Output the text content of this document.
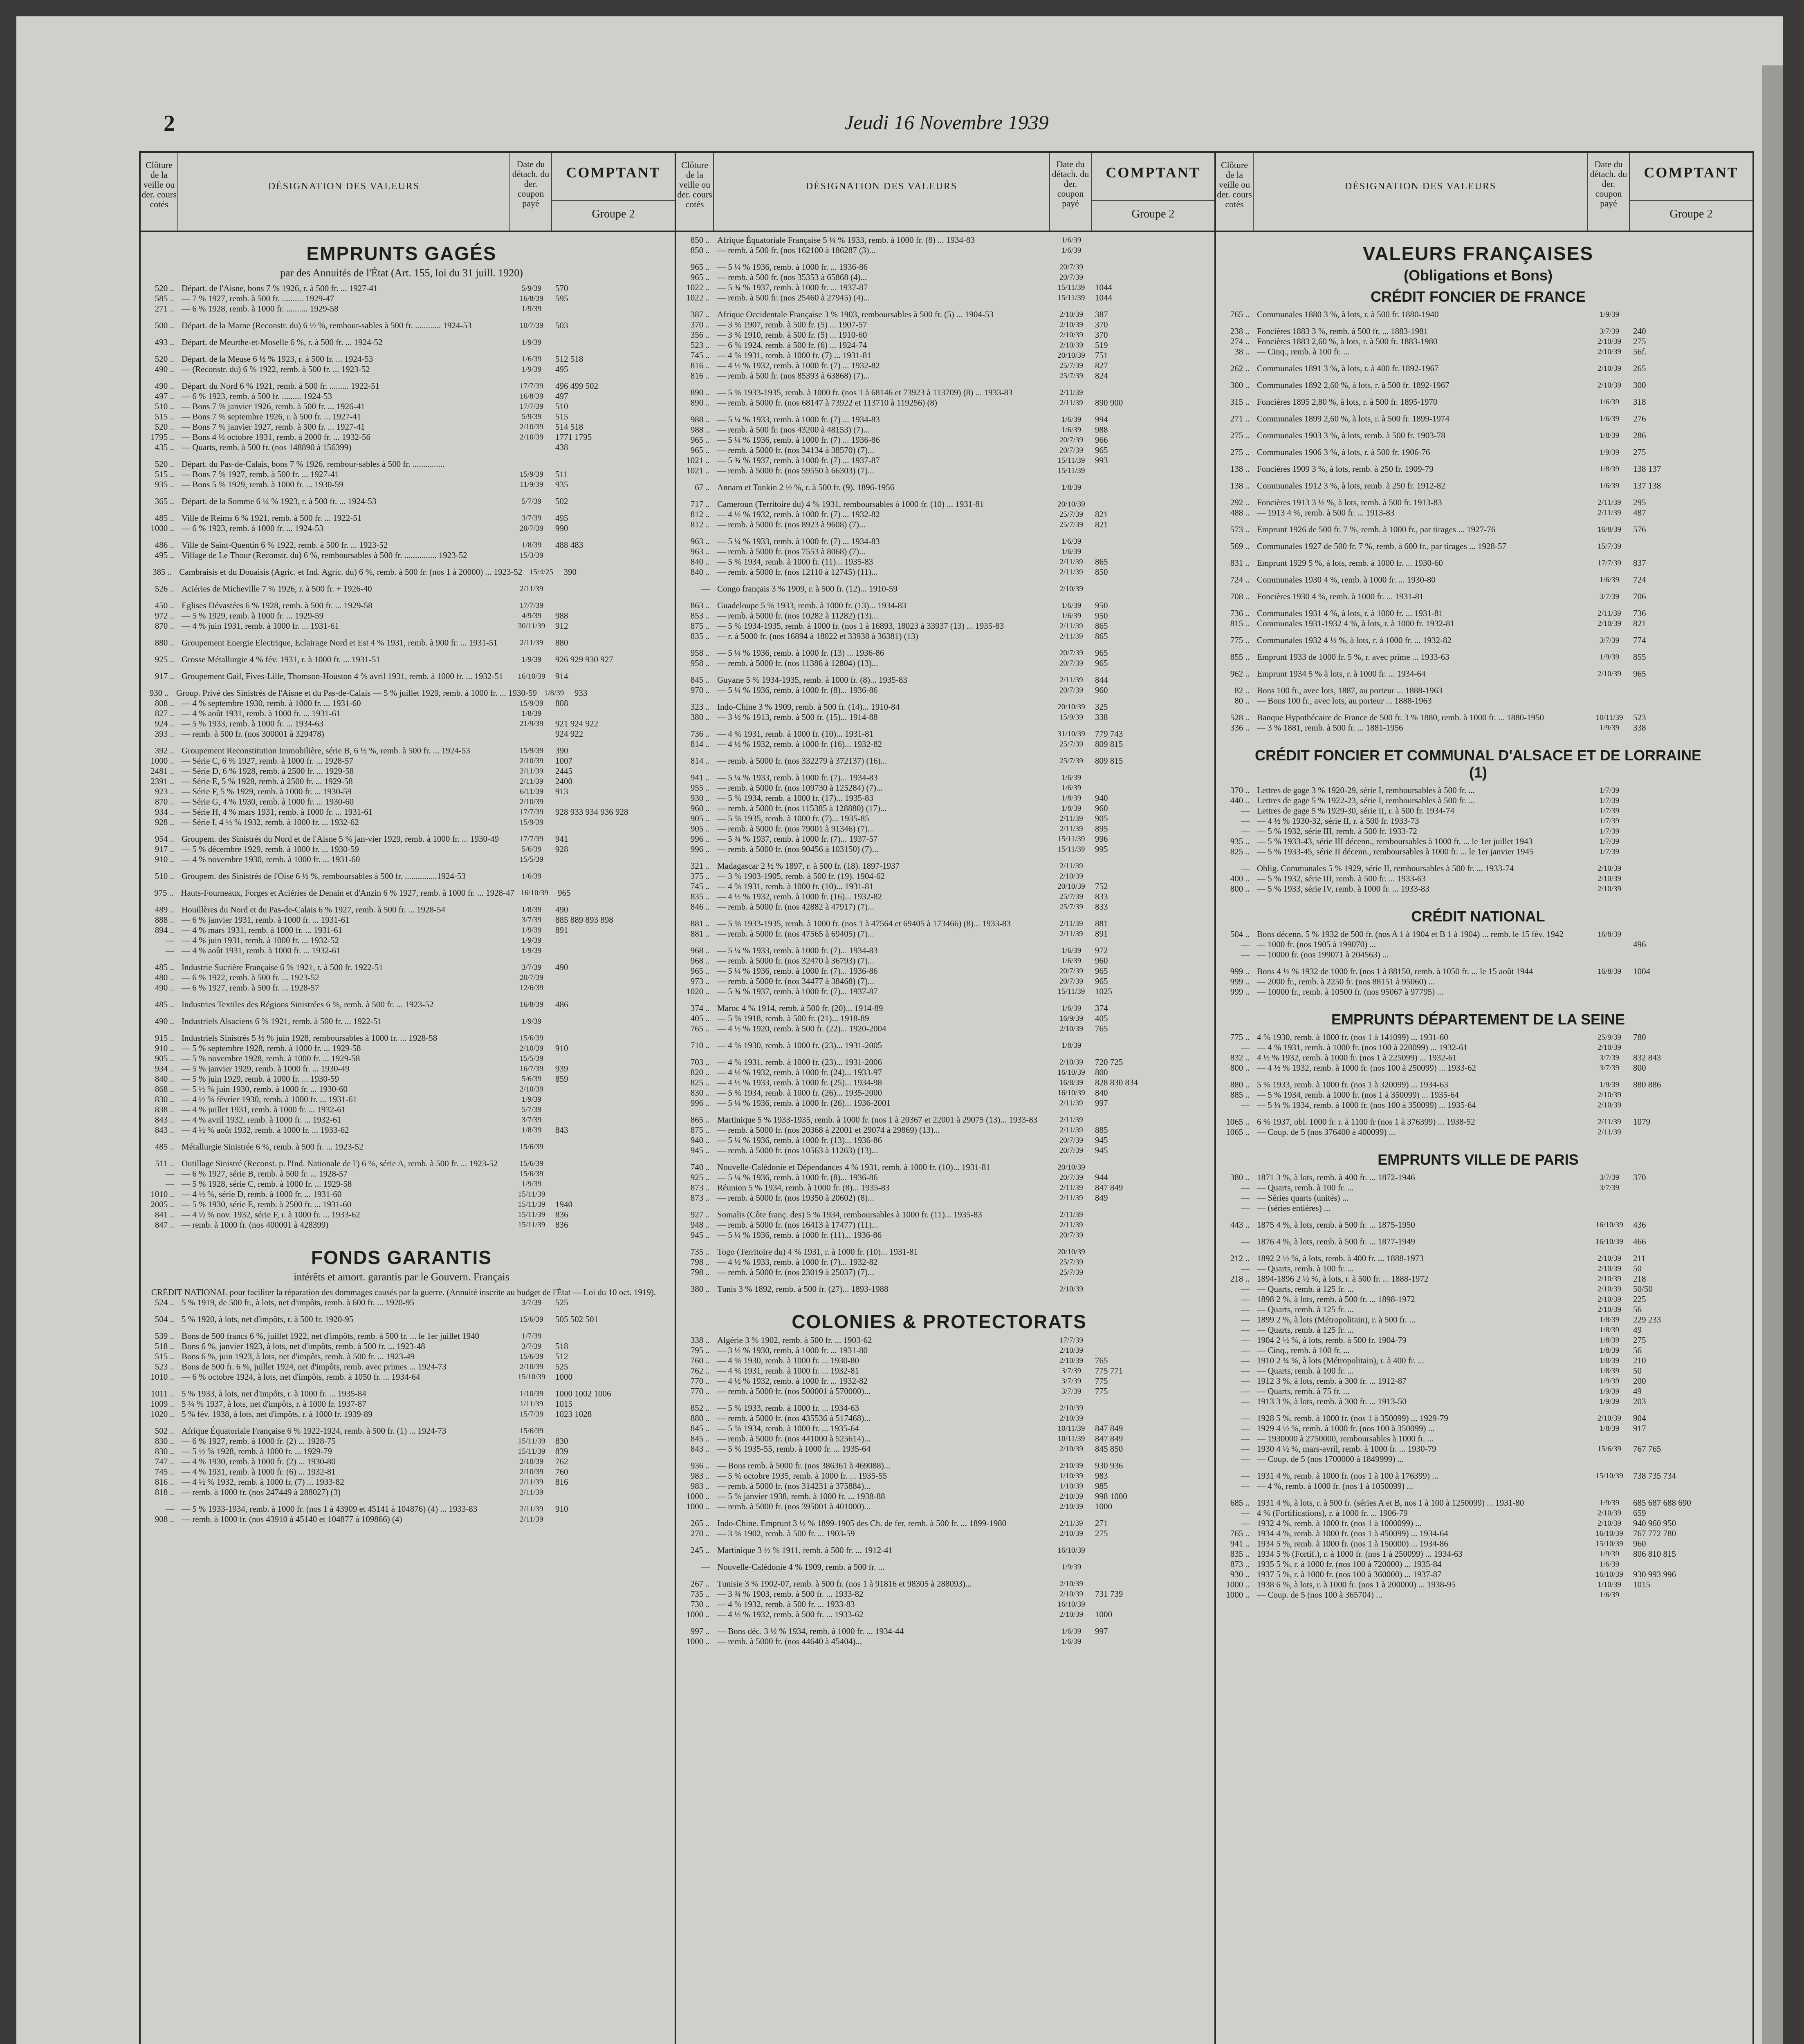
2	Jeudi 16 Novembre 1939
Clôture de la veille ou der. cours cotés
DÉSIGNATION DES VALEURS
Date du détach. du der. coupon payé
COMPTANT
Groupe 2
EMPRUNTS GAGÉS
par des Annuités de l'État (Art. 155, loi du 31 juill. 1920)
520 .. Départ. de l'Aisne, bons 7 % 1926, r. à 500 fr. ... 1927-41	5/9/39	570
585 .. — 7 % 1927, remb. à 500 fr. .......... 1929-47	16/8/39	595
271 .. — 6 % 1928, remb. à 1000 fr. .......... 1929-58	1/9/39
500 .. Départ. de la Marne (Reconstr. du) 6 ½ %, rembour-sables à 500 fr. ............ 1924-53	10/7/39	503
493 .. Départ. de Meurthe-et-Moselle 6 %, r. à 500 fr. ... 1924-52	1/9/39
520 .. Départ. de la Meuse 6 ½ % 1923, r. à 500 fr. ... 1924-53	1/6/39	512 518
490 .. — (Reconstr. du) 6 % 1922, remb. à 500 fr. ... 1923-52	1/9/39	495
490 .. Départ. du Nord 6 % 1921, remb. à 500 fr. ......... 1922-51	17/7/39	496 499 502
497 .. — 6 % 1923, remb. à 500 fr. ......... 1924-53	16/8/39	497
510 .. — Bons 7 % janvier 1926, remb. à 500 fr. ... 1926-41	17/7/39	510
515 .. — Bons 7 % septembre 1926, r. à 500 fr. ... 1927-41	5/9/39	515
520 .. — Bons 7 % janvier 1927, remb. à 500 fr. ... 1927-41	2/10/39	514 518
1795 .. — Bons 4 ½ octobre 1931, remb. à 2000 fr. ... 1932-56	2/10/39	1771 1795
435 .. — Quarts, remb. à 500 fr. (nos 148890 à 156399)	438
520 .. Départ. du Pas-de-Calais, bons 7 % 1926, rembour-sables à 500 fr. ...............
515 .. — Bons 7 % 1927, remb. à 500 fr. ... 1927-41	15/9/39	511
935 .. — Bons 5 % 1929, remb. à 1000 fr. ... 1930-59	11/9/39	935
365 .. Départ. de la Somme 6 ¼ % 1923, r. à 500 fr. ... 1924-53	5/7/39	502
485 .. Ville de Reims 6 % 1921, remb. à 500 fr. ... 1922-51	3/7/39	495
1000 .. — 6 % 1923, remb. à 1000 fr. ... 1924-53	20/7/39	990
486 .. Ville de Saint-Quentin 6 % 1922, remb. à 500 fr. ... 1923-52	1/8/39	488 483
495 .. Village de Le Thour (Reconstr. du) 6 %, remboursables à 500 fr. ............... 1923-52	15/3/39
385 .. Cambraisis et du Douaisis (Agric. et Ind. Agric. du) 6 %, remb. à 500 fr. (nos 1 à 20000) ... 1923-52 15/4/25	390
526 .. Aciéries de Micheville 7 % 1926, r. à 500 fr. + 1926-40	2/11/39
450 .. Eglises Dévastées 6 % 1928, remb. à 500 fr. ... 1929-58	17/7/39
972 .. — 5 % 1929, remb. à 1000 fr. ... 1929-59	4/9/39	988
870 .. — 4 % juin 1931, remb. à 1000 fr. ... 1931-61	30/11/39	912
880 .. Groupement Energie Electrique, Eclairage Nord et Est 4 % 1931, remb. à 900 fr. ... 1931-51	2/11/39	880
925 .. Grosse Métallurgie 4 % fév. 1931, r. à 1000 fr. ... 1931-51	1/9/39	926 929 930 927
917 .. Groupement Gail, Fives-Lille, Thomson-Houston 4 % avril 1931, remb. à 1000 fr. ... 1932-51	16/10/39	914
930 .. Group. Privé des Sinistrés de l'Aisne et du Pas-de-Calais — 5 % juillet 1929, remb. à 1000 fr. ... 1930-59 1/8/39	933
808 .. — 4 % septembre 1930, remb. à 1000 fr. ... 1931-60	15/9/39	808
827 .. — 4 % août 1931, remb. à 1000 fr. ... 1931-61	1/8/39
924 .. — 5 % 1933, remb. à 1000 fr. ... 1934-63	21/9/39	921 924 922
393 .. — remb. à 500 fr. (nos 300001 à 329478)	924 922
392 .. Groupement Reconstitution Immobilière, série B, 6 ½ %, remb. à 500 fr. ... 1924-53	15/9/39	390
1000 .. — Série C, 6 % 1927, remb. à 1000 fr. ... 1928-57	2/10/39	1007
2481 .. — Série D, 6 % 1928, remb. à 2500 fr. ... 1929-58	2/11/39	2445
2391 .. — Série E, 5 % 1928, remb. à 2500 fr. ... 1929-58	2/11/39	2400
923 .. — Série F, 5 % 1929, remb. à 1000 fr. ... 1930-59	6/11/39	913
870 .. — Série G, 4 % 1930, remb. à 1000 fr. ... 1930-60	2/10/39
934 .. — Série H, 4 % mars 1931, remb. à 1000 fr. ... 1931-61	17/7/39	928 933 934 936 928
928 .. — Série I, 4 ½ % 1932, remb. à 1000 fr. ... 1932-62	15/9/39
954 .. Groupem. des Sinistrés du Nord et de l'Aisne 5 % jan-vier 1929, remb. à 1000 fr. ... 1930-49	17/7/39	941
917 .. — 5 % décembre 1929, remb. à 1000 fr. ... 1930-59	5/6/39	928
910 .. — 4 % novembre 1930, remb. à 1000 fr. ... 1931-60	15/5/39
510 .. Groupem. des Sinistrés de l'Oise 6 ½ %, remboursables à 500 fr. ...............1924-53	1/6/39
975 .. Hauts-Fourneaux, Forges et Aciéries de Denain et d'Anzin 6 % 1927, remb. à 1000 fr. ... 1928-47 16/10/39	965
489 .. Houillères du Nord et du Pas-de-Calais 6 % 1927, remb. à 500 fr. ... 1928-54	1/8/39	490
888 .. — 6 % janvier 1931, remb. à 1000 fr. ... 1931-61	3/7/39	885 889 893 898
894 .. — 4 % mars 1931, remb. à 1000 fr. ... 1931-61	1/9/39	891
— — 4 % juin 1931, remb. à 1000 fr. ... 1932-52	1/9/39
— — 4 % août 1931, remb. à 1000 fr. ... 1932-61	1/9/39
485 .. Industrie Sucrière Française 6 % 1921, r. à 500 fr. 1922-51	3/7/39	490
480 .. — 6 % 1922, remb. à 500 fr. ... 1923-52	20/7/39
490 .. — 6 % 1927, remb. à 500 fr. ... 1928-57	12/6/39
485 .. Industries Textiles des Régions Sinistrées 6 %, remb. à 500 fr. ... 1923-52	16/8/39	486
490 .. Industriels Alsaciens 6 % 1921, remb. à 500 fr. ... 1922-51	1/9/39
915 .. Industriels Sinistrés 5 ½ % juin 1928, remboursables à 1000 fr. ... 1928-58	15/6/39
910 .. — 5 % septembre 1928, remb. à 1000 fr. ... 1929-58	2/10/39	910
905 .. — 5 % novembre 1928, remb. à 1000 fr. ... 1929-58	15/5/39
934 .. — 5 % janvier 1929, remb. à 1000 fr. ... 1930-49	16/7/39	939
840 .. — 5 % juin 1929, remb. à 1000 fr. ... 1930-59	5/6/39	859
868 .. — 5 ½ % juin 1930, remb. à 1000 fr. ... 1930-60	2/10/39
830 .. — 4 ½ % février 1930, remb. à 1000 fr. ... 1931-61	1/9/39
838 .. — 4 % juillet 1931, remb. à 1000 fr. ... 1932-61	5/7/39
843 .. — 4 % avril 1932, remb. à 1000 fr. ... 1932-61	3/7/39
843 .. — 4 ½ % août 1932, remb. à 1000 fr. ... 1933-62	1/8/39	843
485 .. Métallurgie Sinistrée 6 %, remb. à 500 fr. ... 1923-52	15/6/39
511 .. Outillage Sinistré (Reconst. p. l'Ind. Nationale de l') 6 %, série A, remb. à 500 fr. ... 1923-52	15/6/39
— — 6 % 1927, série B, remb. à 500 fr. ... 1928-57	15/6/39
— — 5 % 1928, série C, remb. à 1000 fr. ... 1929-58	1/9/39
1010 .. — 4 ½ %, série D, remb. à 1000 fr. ... 1931-60	15/11/39
2005 .. — 5 % 1930, série E, remb. à 2500 fr. ... 1931-60	15/11/39	1940
841 .. — 4 ½ % nov. 1932, série F, r. à 1000 fr. ... 1933-62	15/11/39	836
847 .. — remb. à 1000 fr. (nos 400001 à 428399)	15/11/39	836
FONDS GARANTIS
intérêts et amort. garantis par le Gouvern. Français
CRÉDIT NATIONAL pour faciliter la réparation des dommages causés par la guerre. (Annuité inscrite au budget de l'État — Loi du 10 oct. 1919).
524 .. 5 % 1919, de 500 fr., à lots, net d'impôts, remb. à 600 fr. ... 1920-95	3/7/39	525
504 .. 5 % 1920, à lots, net d'impôts, r. à 500 fr. 1920-95	15/6/39	505 502 501
539 .. Bons de 500 francs 6 %, juillet 1922, net d'impôts, remb. à 500 fr. ... le 1er juillet 1940	1/7/39
518 .. Bons 6 %, janvier 1923, à lots, net d'impôts, remb. à 500 fr. ... 1923-48	3/7/39	518
515 .. Bons 6 %, juin 1923, à lots, net d'impôts, remb. à 500 fr. ... 1923-49	15/6/39	512
523 .. Bons de 500 fr. 6 %, juillet 1924, net d'impôts, remb. avec primes ... 1924-73	2/10/39	525
1010 .. — 6 % octobre 1924, à lots, net d'impôts, remb. à 1050 fr. ... 1934-64	15/10/39	1000
1011 .. 5 % 1933, à lots, net d'impôts, r. à 1000 fr. ... 1935-84	1/10/39	1000 1002 1006
1009 .. 5 ¼ % 1937, à lots, net d'impôts, r. à 1000 fr. 1937-87	1/11/39	1015
1020 .. 5 % fév. 1938, à lots, net d'impôts, r. à 1000 fr. 1939-89	15/7/39	1023 1028
502 .. Afrique Équatoriale Française 6 % 1922-1924, remb. à 500 fr. (1) ... 1924-73	15/6/39
830 .. — 6 % 1927, remb. à 1000 fr. (2) ... 1928-75	15/11/39	830
830 .. — 5 ½ % 1928, remb. à 1000 fr. ... 1929-79	15/11/39	839
747 .. — 4 % 1930, remb. à 1000 fr. (2) ... 1930-80	2/10/39	762
745 .. — 4 % 1931, remb. à 1000 fr. (6) ... 1932-81	2/10/39	760
816 .. — 4 ½ % 1932, remb. à 1000 fr. (7) ... 1933-82	2/11/39	816
818 .. — remb. à 1000 fr. (nos 247449 à 288027) (3)	2/11/39
— — 5 % 1933-1934, remb. à 1000 fr. (nos 1 à 43909 et 45141 à 104876) (4) ... 1933-83	2/11/39	910
908 .. — remb. à 1000 fr. (nos 43910 à 45140 et 104877 à 109866) (4)	2/11/39
Clôture de la veille ou der. cours cotés
DÉSIGNATION DES VALEURS
Date du détach. du der. coupon payé
COMPTANT
Groupe 2
850 .. Afrique Équatoriale Française 5 ¼ % 1933, remb. à 1000 fr. (8) ... 1934-83	1/6/39
850 .. — remb. à 500 fr. (nos 162100 à 186287 (3)...	1/6/39
965 .. — 5 ¼ % 1936, remb. à 1000 fr. ... 1936-86	20/7/39
965 .. — remb. à 500 fr. (nos 35353 à 65868 (4)...	20/7/39
1022 .. — 5 ¾ % 1937, remb. à 1000 fr. ... 1937-87	15/11/39	1044
1022 .. — remb. à 500 fr. (nos 25460 à 27945) (4)...	15/11/39	1044
387 .. Afrique Occidentale Française 3 % 1903, remboursables à 500 fr. (5) ... 1904-53	2/10/39	387
370 .. — 3 % 1907, remb. à 500 fr. (5) ... 1907-57	2/10/39	370
356 .. — 3 % 1910, remb. à 500 fr. (5) ... 1910-60	2/10/39	370
523 .. — 6 % 1924, remb. à 500 fr. (6) ... 1924-74	2/10/39	519
745 .. — 4 % 1931, remb. à 1000 fr. (7) ... 1931-81	20/10/39	751
816 .. — 4 ½ % 1932, remb. à 1000 fr. (7) ... 1932-82	25/7/39	827
816 .. — remb. à 500 fr. (nos 85393 à 63868) (7)...	25/7/39	824
890 .. — 5 % 1933-1935, remb. à 1000 fr. (nos 1 à 68146 et 73923 à 113709) (8) ... 1933-83	2/11/39
890 .. — remb. à 5000 fr. (nos 68147 à 73922 et 113710 à 119256) (8)	2/11/39	890 900
988 .. — 5 ¼ % 1933, remb. à 1000 fr. (7) ... 1934-83	1/6/39	994
988 .. — remb. à 500 fr. (nos 43200 à 48153) (7)...	1/6/39	988
965 .. — 5 ¼ % 1936, remb. à 1000 fr. (7) ... 1936-86	20/7/39	966
965 .. — remb. à 5000 fr. (nos 34134 à 38570) (7)...	20/7/39	965
1021 .. — 5 ¾ % 1937, remb. à 1000 fr. (7) ... 1937-87	15/11/39	993
1021 .. — remb. à 5000 fr. (nos 59550 à 66303) (7)...	15/11/39
67 .. Annam et Tonkin 2 ½ %, r. à 500 fr. (9). 1896-1956	1/8/39
717 .. Cameroun (Territoire du) 4 % 1931, remboursables à 1000 fr. (10) ... 1931-81	20/10/39
812 .. — 4 ½ % 1932, remb. à 1000 fr. (7) ... 1932-82	25/7/39	821
812 .. — remb. à 5000 fr. (nos 8923 à 9608) (7)...	25/7/39	821
963 .. — 5 ¼ % 1933, remb. à 1000 fr. (7) ... 1934-83	1/6/39
963 .. — remb. à 5000 fr. (nos 7553 à 8068) (7)...	1/6/39
840 .. — 5 % 1934, remb. à 1000 fr. (11)... 1935-83	2/11/39	865
840 .. — remb. à 5000 fr. (nos 12110 à 12745) (11)...	2/11/39	850
— Congo français 3 % 1909, r. à 500 fr. (12)... 1910-59	2/10/39
863 .. Guadeloupe 5 % 1933, remb. à 1000 fr. (13)... 1934-83	1/6/39	950
853 .. — remb. à 5000 fr. (nos 10282 à 11282) (13)...	1/6/39	950
875 .. — 5 % 1934-1935, remb. à 1000 fr. (nos 1 à 16893, 18023 à 33937 (13) ... 1935-83	2/11/39	865
835 .. — r. à 5000 fr. (nos 16894 à 18022 et 33938 à 36381) (13)	2/11/39	865
958 .. — 5 ¼ % 1936, remb. à 1000 fr. (13) ... 1936-86	20/7/39	965
958 .. — remb. à 5000 fr. (nos 11386 à 12804) (13)...	20/7/39	965
845 .. Guyane 5 % 1934-1935, remb. à 1000 fr. (8)... 1935-83	2/11/39	844
970 .. — 5 ¼ % 1936, remb. à 1000 fr. (8)... 1936-86	20/7/39	960
323 .. Indo-Chine 3 % 1909, remb. à 500 fr. (14)... 1910-84	20/10/39	325
380 .. — 3 ½ % 1913, remb. à 500 fr. (15)... 1914-88	15/9/39	338
736 .. — 4 % 1931, remb. à 1000 fr. (10)... 1931-81	31/10/39	779 743
814 .. — 4 ½ % 1932, remb. à 1000 fr. (16)... 1932-82	25/7/39	809 815
814 .. — remb. à 5000 fr. (nos 332279 à 372137) (16)...	25/7/39	809 815
941 .. — 5 ¼ % 1933, remb. à 1000 fr. (7)... 1934-83	1/6/39
955 .. — remb. à 5000 fr. (nos 109730 à 125284) (7)...	1/6/39
930 .. — 5 % 1934, remb. à 1000 fr. (17)... 1935-83	1/8/39	940
960 .. — remb. à 5000 fr. (nos 115385 à 128880) (17)...	1/8/39	960
905 .. — 5 % 1935, remb. à 1000 fr. (7)... 1935-85	2/11/39	905
905 .. — remb. à 5000 fr. (nos 79001 à 91346) (7)...	2/11/39	895
996 .. — 5 ¾ % 1937, remb. à 1000 fr. (7)... 1937-57	15/11/39	996
996 .. — remb. à 5000 fr. (nos 90456 à 103150) (7)...	15/11/39	995
321 .. Madagascar 2 ½ % 1897, r. à 500 fr. (18). 1897-1937	2/11/39
375 .. — 3 % 1903-1905, remb. à 500 fr. (19). 1904-62	2/10/39
745 .. — 4 % 1931, remb. à 1000 fr. (10)... 1931-81	20/10/39	752
835 .. — 4 ½ % 1932, remb. à 1000 fr. (16)... 1932-82	25/7/39	833
846 .. — remb. à 5000 fr. (nos 42882 à 47917) (7)...	25/7/39	833
881 .. — 5 % 1933-1935, remb. à 1000 fr. (nos 1 à 47564 et 69405 à 173466) (8)... 1933-83	2/11/39	881
881 .. — remb. à 5000 fr. (nos 47565 à 69405) (7)...	2/11/39	891
968 .. — 5 ¼ % 1933, remb. à 1000 fr. (7)... 1934-83	1/6/39	972
968 .. — remb. à 5000 fr. (nos 32470 à 36793) (7)...	1/6/39	960
965 .. — 5 ¼ % 1936, remb. à 1000 fr. (7)... 1936-86	20/7/39	965
973 .. — remb. à 5000 fr. (nos 34477 à 38468) (7)...	20/7/39	965
1020 .. — 5 ¾ % 1937, remb. à 1000 fr. (7)... 1937-87	15/11/39	1025
374 .. Maroc 4 % 1914, remb. à 500 fr. (20)... 1914-89	1/6/39	374
405 .. — 5 % 1918, remb. à 500 fr. (21)... 1918-89	16/9/39	405
765 .. — 4 ½ % 1920, remb. à 500 fr. (22)... 1920-2004	2/10/39	765
710 .. — 4 % 1930, remb. à 1000 fr. (23)... 1931-2005	1/8/39
703 .. — 4 % 1931, remb. à 1000 fr. (23)... 1931-2006	2/10/39	720 725
820 .. — 4 ½ % 1932, remb. à 1000 fr. (24)... 1933-97	16/10/39	800
825 .. — 4 ½ % 1933, remb. à 1000 fr. (25)... 1934-98	16/8/39	828 830 834
830 .. — 5 % 1934, remb. à 1000 fr. (26)... 1935-2000	16/10/39	840
996 .. — 5 ¼ % 1936, remb. à 1000 fr. (26)... 1936-2001	2/11/39	997
865 .. Martinique 5 % 1933-1935, remb. à 1000 fr. (nos 1 à 20367 et 22001 à 29075 (13)... 1933-83	2/11/39
875 .. — remb. à 5000 fr. (nos 20368 à 22001 et 29074 à 29869) (13)...	2/11/39	885
940 .. — 5 ¼ % 1936, remb. à 1000 fr. (13)... 1936-86	20/7/39	945
945 .. — remb. à 5000 fr. (nos 10563 à 11263) (13)...	20/7/39	945
740 .. Nouvelle-Calédonie et Dépendances 4 % 1931, remb. à 1000 fr. (10)... 1931-81	20/10/39
925 .. — 5 ¼ % 1936, remb. à 1000 fr. (8)... 1936-86	20/7/39	944
873 .. Réunion 5 % 1934, remb. à 1000 fr. (8)... 1935-83	2/11/39	847 849
873 .. — remb. à 5000 fr. (nos 19350 à 20602) (8)...	2/11/39	849
927 .. Somalis (Côte franç. des) 5 % 1934, remboursables à 1000 fr. (11)... 1935-83	2/11/39
948 .. — remb. à 5000 fr. (nos 16413 à 17477) (11)...	2/11/39
945 .. — 5 ¼ % 1936, remb. à 1000 fr. (11)... 1936-86	20/7/39
735 .. Togo (Territoire du) 4 % 1931, r. à 1000 fr. (10)... 1931-81	20/10/39
798 .. — 4 ½ % 1933, remb. à 1000 fr. (7)... 1932-82	25/7/39
798 .. — remb. à 5000 fr. (nos 23019 à 25037) (7)...	25/7/39
380 .. Tunis 3 % 1892, remb. à 500 fr. (27)... 1893-1988	2/10/39
COLONIES & PROTECTORATS
338 .. Algérie 3 % 1902, remb. à 500 fr. ... 1903-62	17/7/39
795 .. — 3 ½ % 1930, remb. à 1000 fr. ... 1931-80	2/10/39
760 .. — 4 % 1930, remb. à 1000 fr. ... 1930-80	2/10/39	765
762 .. — 4 % 1931, remb. à 1000 fr. ... 1932-81	3/7/39	775 771
770 .. — 4 ½ % 1932, remb. à 1000 fr. ... 1932-82	3/7/39	775
770 .. — remb. à 5000 fr. (nos 500001 à 570000)...	3/7/39	775
852 .. — 5 % 1933, remb. à 1000 fr. ... 1934-63	2/10/39
880 .. — remb. à 5000 fr. (nos 435536 à 517468)...	2/10/39
845 .. — 5 % 1934, remb. à 1000 fr. ... 1935-64	10/11/39	847 849
845 .. — remb. à 5000 fr. (nos 441000 à 525614)...	10/11/39	847 849
843 .. — 5 % 1935-55, remb. à 1000 fr. ... 1935-64	2/10/39	845 850
936 .. — Bons remb. à 5000 fr. (nos 386361 à 469088)...	2/10/39	930 936
983 .. — 5 % octobre 1935, remb. à 1000 fr. ... 1935-55	1/10/39	983
983 .. — remb. à 5000 fr. (nos 314231 à 375884)...	1/10/39	985
1000 .. — 5 % janvier 1938, remb. à 1000 fr. ... 1938-88	2/10/39	998 1000
1000 .. — remb. à 5000 fr. (nos 395001 à 401000)...	2/10/39	1000
265 .. Indo-Chine. Emprunt 3 ½ % 1899-1905 des Ch. de fer, remb. à 500 fr. ... 1899-1980	2/11/39	271
270 .. — 3 % 1902, remb. à 500 fr. ... 1903-59	2/10/39	275
245 .. Martinique 3 ½ % 1911, remb. à 500 fr. ... 1912-41	16/10/39
— Nouvelle-Calédonie 4 % 1909, remb. à 500 fr. ...	1/9/39
267 .. Tunisie 3 % 1902-07, remb. à 500 fr. (nos 1 à 91816 et 98305 à 288093)...	2/10/39
735 .. — 3 ¾ % 1903, remb. à 500 fr. ... 1933-82	2/10/39	731 739
730 .. — 4 % 1932, remb. à 500 fr. ... 1933-83	16/10/39
1000 .. — 4 ½ % 1932, remb. à 500 fr. ... 1933-62	2/10/39	1000
997 .. — Bons déc. 3 ½ % 1934, remb. à 1000 fr. ... 1934-44	1/6/39	997
1000 .. — remb. à 5000 fr. (nos 44640 à 45404)...	1/6/39
Clôture de la veille ou der. cours cotés
DÉSIGNATION DES VALEURS
Date du détach. du der. coupon payé
COMPTANT
Groupe 2
VALEURS FRANÇAISES
(Obligations et Bons)
CRÉDIT FONCIER DE FRANCE
765 .. Communales 1880 3 %, à lots, r. à 500 fr. 1880-1940	1/9/39
238 .. Foncières 1883 3 %, remb. à 500 fr. ... 1883-1981	3/7/39	240
274 .. Foncières 1883 2,60 %, à lots, r. à 500 fr. 1883-1980	2/10/39	275
38 .. — Cinq., remb. à 100 fr. ...	2/10/39	56f.
262 .. Communales 1891 3 %, à lots, r. à 400 fr. 1892-1967	2/10/39	265
300 .. Communales 1892 2,60 %, à lots, r. à 500 fr. 1892-1967	2/10/39	300
315 .. Foncières 1895 2,80 %, à lots, r. à 500 fr. 1895-1970	1/6/39	318
271 .. Communales 1899 2,60 %, à lots, r. à 500 fr. 1899-1974	1/6/39	276
275 .. Communales 1903 3 %, à lots, remb. à 500 fr. 1903-78	1/8/39	286
275 .. Communales 1906 3 %, à lots, r. à 500 fr. 1906-76	1/9/39	275
138 .. Foncières 1909 3 %, à lots, remb. à 250 fr. 1909-79	1/8/39	138 137
138 .. Communales 1912 3 %, à lots, remb. à 250 fr. 1912-82	1/6/39	137 138
292 .. Foncières 1913 3 ½ %, à lots, remb. à 500 fr. 1913-83	2/11/39	295
488 .. — 1913 4 %, remb. à 500 fr. ... 1913-83	2/11/39	487
573 .. Emprunt 1926 de 500 fr. 7 %, remb. à 1000 fr., par tirages ... 1927-76	16/8/39	576
569 .. Communales 1927 de 500 fr. 7 %, remb. à 600 fr., par tirages ... 1928-57	15/7/39
831 .. Emprunt 1929 5 %, à lots, remb. à 1000 fr. ... 1930-60	17/7/39	837
724 .. Communales 1930 4 %, remb. à 1000 fr. ... 1930-80	1/6/39	724
708 .. Foncières 1930 4 %, remb. à 1000 fr. ... 1931-81	3/7/39	706
736 .. Communales 1931 4 %, à lots, r. à 1000 fr. ... 1931-81	2/11/39	736
815 .. Communales 1931-1932 4 %, à lots, r. à 1000 fr. 1932-81	2/10/39	821
775 .. Communales 1932 4 ½ %, à lots, r. à 1000 fr. ... 1932-82	3/7/39	774
855 .. Emprunt 1933 de 1000 fr. 5 %, r. avec prime ... 1933-63	1/9/39	855
962 .. Emprunt 1934 5 % à lots, r. à 1000 fr. ... 1934-64	2/10/39	965
82 .. Bons 100 fr., avec lots, 1887, au porteur ... 1888-1963
80 .. — Bons 100 fr., avec lots, au porteur ... 1888-1963
528 .. Banque Hypothécaire de France de 500 fr. 3 % 1880, remb. à 1000 fr. ... 1880-1950	10/11/39	523
336 .. — 3 % 1881, remb. à 500 fr. ... 1881-1956	1/9/39	338
CRÉDIT FONCIER ET COMMUNAL D'ALSACE ET DE LORRAINE (1)
370 .. Lettres de gage 3 % 1920-29, série I, remboursables à 500 fr. ...	1/7/39
440 .. Lettres de gage 5 % 1922-23, série I, remboursables à 500 fr. ...	1/7/39
— Lettres de gage 5 % 1929-30, série II, r. à 500 fr. 1934-74	1/7/39
— — 4 ½ % 1930-32, série II, r. à 500 fr. 1933-73	1/7/39
— — 5 % 1932, série III, remb. à 500 fr. 1933-72	1/7/39
935 .. — 5 % 1933-43, série III décenn., remboursables à 1000 fr. ... le 1er juillet 1943	1/7/39
825 .. — 5 % 1933-45, série II décenn., remboursables à 1000 fr. ... le 1er janvier 1945	1/7/39
— Oblig. Communales 5 % 1929, série II, remboursables à 500 fr. ... 1933-74	2/10/39
400 .. — 5 % 1932, série III, remb. à 500 fr. ... 1933-63	2/10/39
800 .. — 5 % 1933, série IV, remb. à 1000 fr. ... 1933-83	2/10/39
CRÉDIT NATIONAL
504 .. Bons décenn. 5 % 1932 de 500 fr. (nos A 1 à 1904 et B 1 à 1904) ... remb. le 15 fév. 1942	16/8/39
— — 1000 fr. (nos 1905 à 199070) ...	496
— — 10000 fr. (nos 199071 à 204563) ...
999 .. Bons 4 ½ % 1932 de 1000 fr. (nos 1 à 88150, remb. à 1050 fr. ... le 15 août 1944	16/8/39	1004
999 .. — 2000 fr., remb. à 2250 fr. (nos 88151 à 95060) ...
999 .. — 10000 fr., remb. à 10500 fr. (nos 95067 à 97795) ...
EMPRUNTS DÉPARTEMENT DE LA SEINE
775 .. 4 % 1930, remb. à 1000 fr. (nos 1 à 141099) ... 1931-60	25/9/39	780
— — 4 % 1931, remb. à 1000 fr. (nos 100 à 220099) ... 1932-61	2/10/39
832 .. 4 ½ % 1932, remb. à 1000 fr. (nos 1 à 225099) ... 1932-61	3/7/39	832 843
800 .. — 4 ½ % 1932, remb. à 1000 fr. (nos 100 à 250099) ... 1933-62	3/7/39	800
880 .. 5 % 1933, remb. à 1000 fr. (nos 1 à 320099) ... 1934-63	1/9/39	880 886
885 .. — 5 % 1934, remb. à 1000 fr. (nos 1 à 350099) ... 1935-64	2/10/39
— — 5 ¼ % 1934, remb. à 1000 fr. (nos 100 à 350099) ... 1935-64	2/10/39
1065 .. 6 % 1937, obl. 1000 fr. r. à 1100 fr (nos 1 à 376399) ... 1938-52	2/11/39	1079
1065 .. — Coup. de 5 (nos 376400 à 400099) ...	2/11/39
EMPRUNTS VILLE DE PARIS
380 .. 1871 3 %, à lots, remb. à 400 fr. ... 1872-1946	3/7/39	370
— — Quarts, remb. à 100 fr. ...	3/7/39
— — Séries quarts (unités) ...
— — (séries entières) ...
443 .. 1875 4 %, à lots, remb. à 500 fr. ... 1875-1950	16/10/39	436
— 1876 4 %, à lots, remb. à 500 fr. ... 1877-1949	16/10/39	466
212 .. 1892 2 ½ %, à lots, remb. à 400 fr. ... 1888-1973	2/10/39	211
— — Quarts, remb. à 100 fr. ...	2/10/39	50
218 .. 1894-1896 2 ½ %, à lots, r. à 500 fr. ... 1888-1972	2/10/39	218
— — Quarts, remb. à 125 fr. ...	2/10/39	50/50
— 1898 2 %, à lots, remb. à 500 fr. ... 1898-1972	2/10/39	225
— — Quarts, remb. à 125 fr. ...	2/10/39	56
— 1899 2 %, à lots (Métropolitain), r. à 500 fr. ...	1/8/39	229 233
— — Quarts, remb. à 125 fr. ...	1/8/39	49
— 1904 2 ½ %, à lots, remb. à 500 fr. 1904-79	1/8/39	275
— — Cinq., remb. à 100 fr. ...	1/8/39	56
— 1910 2 ¾ %, à lots (Métropolitain), r. à 400 fr. ...	1/8/39	210
— — Quarts, remb. à 100 fr. ...	1/8/39	50
— 1912 3 %, à lots, remb. à 300 fr. ... 1912-87	1/9/39	200
— — Quarts, remb. à 75 fr. ...	1/9/39	49
— 1913 3 %, à lots, remb. à 300 fr. ... 1913-50	1/9/39	203
— 1928 5 %, remb. à 1000 fr. (nos 1 à 350099) ... 1929-79	2/10/39	904
— 1929 4 ½ %, remb. à 1000 fr. (nos 100 à 350099) ...	1/8/39	917
— — 1930000 à 2750000, remboursables à 1000 fr. ...
— 1930 4 ½ %, mars-avril, remb. à 1000 fr. ... 1930-79	15/6/39	767 765
— — Coup. de 5 (nos 1700000 à 1849999) ...
— 1931 4 %, remb. à 1000 fr. (nos 1 à 100 à 176399) ...	15/10/39	738 735 734
— — 4 %, remb. à 1000 fr. (nos 1 à 1050099) ...
685 .. 1931 4 %, à lots, r. à 500 fr. (séries A et B, nos 1 à 100 à 1250099) ... 1931-80	1/9/39	685 687 688 690
— 4 % (Fortifications), r. à 1000 fr. ... 1906-79	2/10/39	659
— 1932 4 %, remb. à 1000 fr. (nos 1 à 1000099) ...	2/10/39	940 960 950
765 .. 1934 4 %, remb. à 1000 fr. (nos 1 à 450099) ... 1934-64	16/10/39	767 772 780
941 .. 1934 5 %, remb. à 1000 fr. (nos 1 à 150000) ... 1934-86	15/10/39	960
835 .. 1934 5 % (Fortif.), r. à 1000 fr. (nos 1 à 250099) ... 1934-63	1/9/39	806 810 815
873 .. 1935 5 %, r. à 1000 fr. (nos 100 à 720000) ... 1935-84	1/6/39
930 .. 1937 5 %, r. à 1000 fr. (nos 100 à 360000) ... 1937-87	16/10/39	930 993 996
1000 .. 1938 6 %, à lots, r. à 1000 fr. (nos 1 à 200000) ... 1938-95	1/10/39	1015
1000 .. — Coup. de 5 (nos 100 à 365704) ...	1/6/39
